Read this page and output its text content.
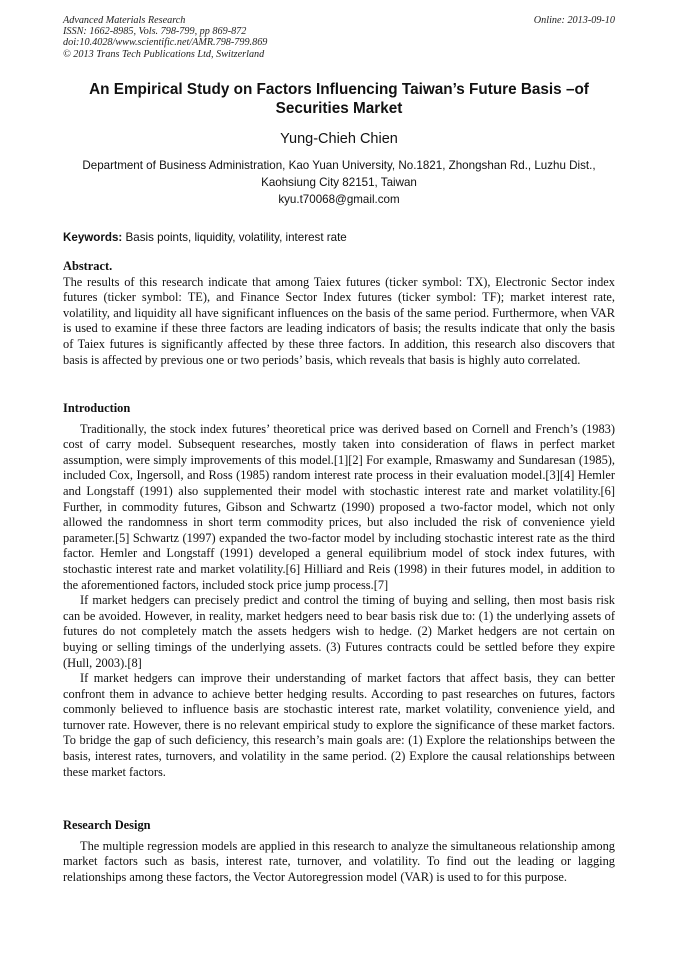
Advanced Materials Research
ISSN: 1662-8985, Vols. 798-799, pp 869-872
doi:10.4028/www.scientific.net/AMR.798-799.869
© 2013 Trans Tech Publications Ltd, Switzerland
Online: 2013-09-10
An Empirical Study on Factors Influencing Taiwan’s Future Basis –of Securities Market
Yung-Chieh Chien
Department of Business Administration, Kao Yuan University, No.1821, Zhongshan Rd., Luzhu Dist., Kaohsiung City 82151, Taiwan
kyu.t70068@gmail.com
Keywords: Basis points, liquidity, volatility, interest rate

Abstract.

The results of this research indicate that among Taiex futures (ticker symbol: TX), Electronic Sector index futures (ticker symbol: TE), and Finance Sector Index futures (ticker symbol: TF); market interest rate, volatility, and liquidity all have significant influences on the basis of the same period. Furthermore, when VAR is used to examine if these three factors are leading indicators of basis; the results indicate that only the basis of Taiex futures is significantly affected by these three factors. In addition, this research also discovers that basis is affected by previous one or two periods’ basis, which reveals that basis is highly auto correlated.

Introduction

Traditionally, the stock index futures’ theoretical price was derived based on Cornell and French’s (1983) cost of carry model. Subsequent researches, mostly taken into consideration of flaws in perfect market assumption, were simply improvements of this model.[1][2] For example, Rmaswamy and Sundaresan (1985), included Cox, Ingersoll, and Ross (1985) random interest rate process in their evaluation model.[3][4] Hemler and Longstaff (1991) also supplemented their model with stochastic interest rate and market volatility.[6] Further, in commodity futures, Gibson and Schwartz (1990) proposed a two-factor model, which not only allowed the randomness in short term commodity prices, but also included the risk of convenience yield parameter.[5] Schwartz (1997) expanded the two-factor model by including stochastic interest rate as the third factor. Hemler and Longstaff (1991) developed a general equilibrium model of stock index futures, with stochastic interest rate and market volatility.[6] Hilliard and Reis (1998) in their futures model, in addition to the aforementioned factors, included stock price jump process.[7]

If market hedgers can precisely predict and control the timing of buying and selling, then most basis risk can be avoided. However, in reality, market hedgers need to bear basis risk due to: (1) the underlying assets of futures do not completely match the assets hedgers wish to hedge. (2) Market hedgers are not certain on buying or selling timings of the underlying assets. (3) Futures contracts could be settled before they expire (Hull, 2003).[8]

If market hedgers can improve their understanding of market factors that affect basis, they can better confront them in advance to achieve better hedging results. According to past researches on futures, factors commonly believed to influence basis are stochastic interest rate, market volatility, convenience yield, and turnover rate. However, there is no relevant empirical study to explore the significance of these market factors. To bridge the gap of such deficiency, this research’s main goals are: (1) Explore the relationships between the basis, interest rates, turnovers, and volatility in the same period. (2) Explore the causal relationships between these market factors.

Research Design

The multiple regression models are applied in this research to analyze the simultaneous relationship among market factors such as basis, interest rate, turnover, and volatility. To find out the leading or lagging relationships among these factors, the Vector Autoregression model (VAR) is used to for this purpose.
